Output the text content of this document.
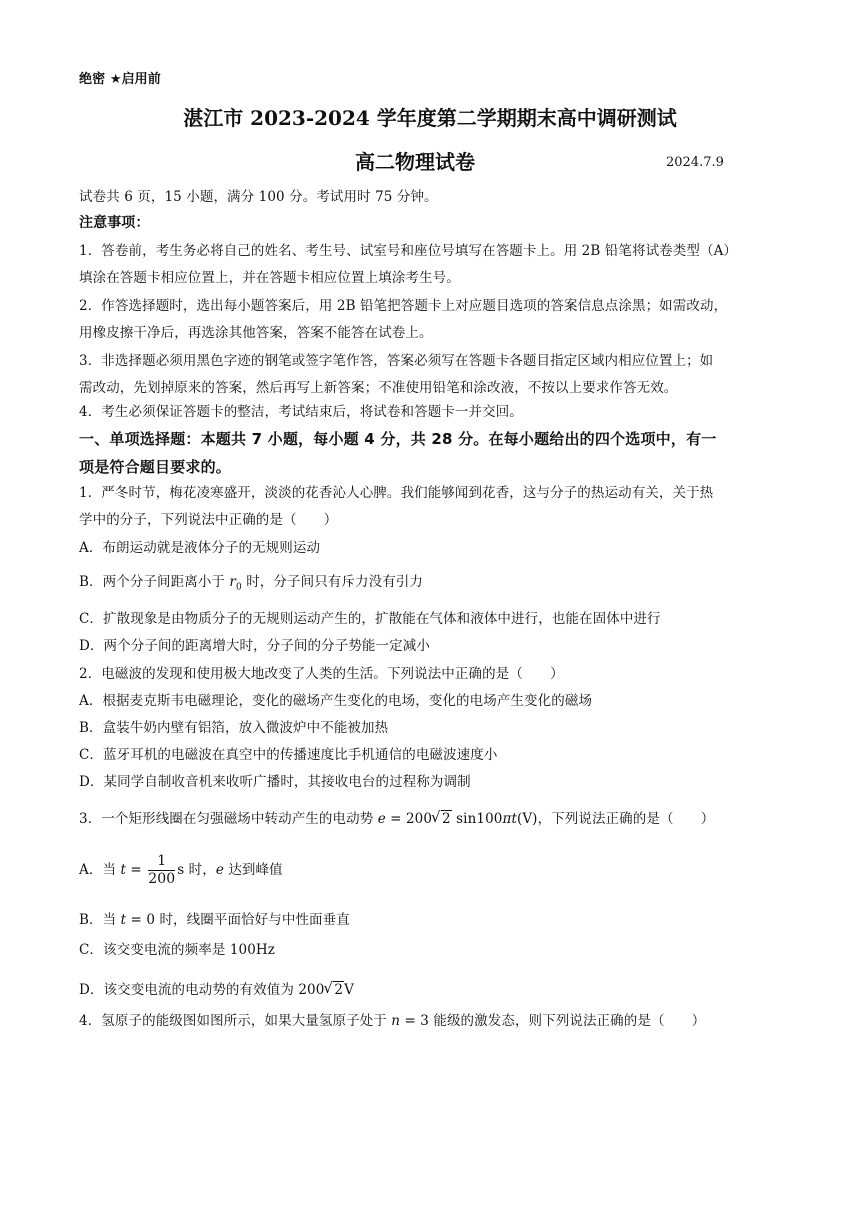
绝密 ★启用前
湛江市 2023-2024 学年度第二学期期末高中调研测试
高二物理试卷	2024.7.9
试卷共 6 页，15 小题，满分 100 分。考试用时 75 分钟。
注意事项：
1．答卷前，考生务必将自己的姓名、考生号、试室号和座位号填写在答题卡上。用 2B 铅笔将试卷类型（A）
填涂在答题卡相应位置上，并在答题卡相应位置上填涂考生号。
2．作答选择题时，选出每小题答案后，用 2B 铅笔把答题卡上对应题目选项的答案信息点涂黑；如需改动，
用橡皮擦干净后，再选涂其他答案，答案不能答在试卷上。
3．非选择题必须用黑色字迹的钢笔或签字笔作答，答案必须写在答题卡各题目指定区域内相应位置上；如
需改动，先划掉原来的答案，然后再写上新答案；不准使用铅笔和涂改液，不按以上要求作答无效。
4．考生必须保证答题卡的整洁，考试结束后，将试卷和答题卡一并交回。
一、单项选择题：本题共 7 小题，每小题 4 分，共 28 分。在每小题给出的四个选项中，有一
项是符合题目要求的。
1．严冬时节，梅花凌寒盛开，淡淡的花香沁人心脾。我们能够闻到花香，这与分子的热运动有关，关于热
学中的分子，下列说法中正确的是（　　）
A．布朗运动就是液体分子的无规则运动
B．两个分子间距离小于 $r_0$ 时，分子间只有斥力没有引力
C．扩散现象是由物质分子的无规则运动产生的，扩散能在气体和液体中进行，也能在固体中进行
D．两个分子间的距离增大时，分子间的分子势能一定减小
2．电磁波的发现和使用极大地改变了人类的生活。下列说法中正确的是（　　）
A．根据麦克斯韦电磁理论，变化的磁场产生变化的电场，变化的电场产生变化的磁场
B．盒装牛奶内壁有铝箔，放入微波炉中不能被加热
C．蓝牙耳机的电磁波在真空中的传播速度比手机通信的电磁波速度小
D．某同学自制收音机来收听广播时，其接收电台的过程称为调制
3．一个矩形线圈在匀强磁场中转动产生的电动势 e = 200 √ 2 sin100πt(V)，下列说法正确的是（　　）
A．当 $t = \frac{1}{200}$ s 时，e 达到峰值
B．当 t = 0 时，线圈平面恰好与中性面垂直
C．该交变电流的频率是 100Hz
D．该交变电流的电动势的有效值为 200 √ 2V
4．氢原子的能级图如图所示，如果大量氢原子处于 n = 3 能级的激发态，则下列说法正确的是（　　）
